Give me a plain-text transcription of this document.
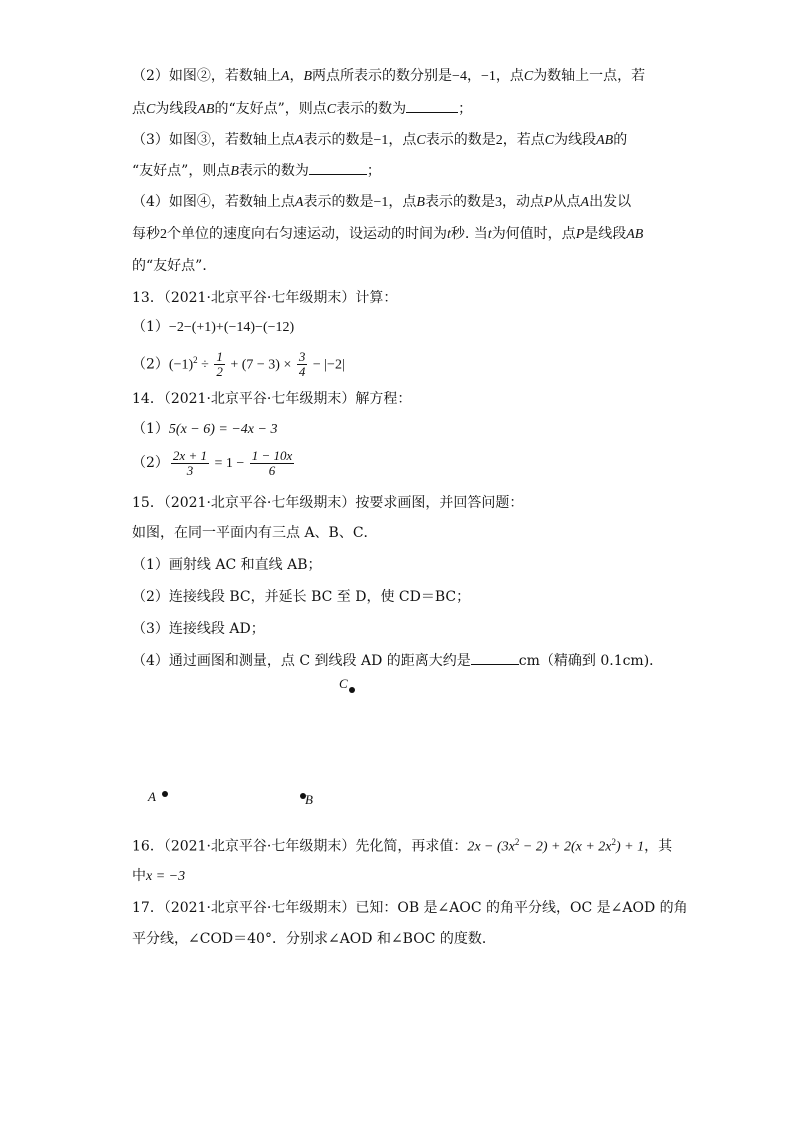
（2）如图②，若数轴上A，B两点所表示的数分别是−4，−1，点C为数轴上一点，若
点C为线段AB的“友好点”，则点C表示的数为	；
（3）如图③，若数轴上点A表示的数是−1，点C表示的数是2，若点C为线段AB的
“友好点”，则点B表示的数为	；
（4）如图④，若数轴上点A表示的数是−1，点B表示的数是3，动点P从点A出发以
每秒2个单位的速度向右匀速运动，设运动的时间为t秒. 当t为何值时，点P是线段AB
的“友好点”．
13．（2021·北京平谷·七年级期末）计算：
（1）−2−(+1)+(−14)−(−12)
$(2)(-1)^2 \div \frac{1}{2} + (7 - 3) \times \frac{3}{4} - |-2|$
14．（2021·北京平谷·七年级期末）解方程：
（1）5(x − 6) = −4x − 3
$(2) \frac{2x + 1}{3} = 1 - \frac{1 - 10x}{6}$
15．（2021·北京平谷·七年级期末）按要求画图，并回答问题：
如图，在同一平面内有三点 A、B、C．
（1）画射线 AC 和直线 AB；
（2）连接线段 BC，并延长 BC 至 D，使 CD＝BC；
（3）连接线段 AD；
（4）通过画图和测量，点 C 到线段 AD 的距离大约是	cm（精确到 0.1cm)．
C
A	B
16．（2021·北京平谷·七年级期末）先化简，再求值：$2x - (3x^2 - 2) + 2(x + 2x^2) + 1$，其
中x = −3
17．（2021·北京平谷·七年级期末）已知：OB 是∠AOC 的角平分线，OC 是∠AOD 的角
平分线，∠COD＝40°．分别求∠AOD 和∠BOC 的度数．
